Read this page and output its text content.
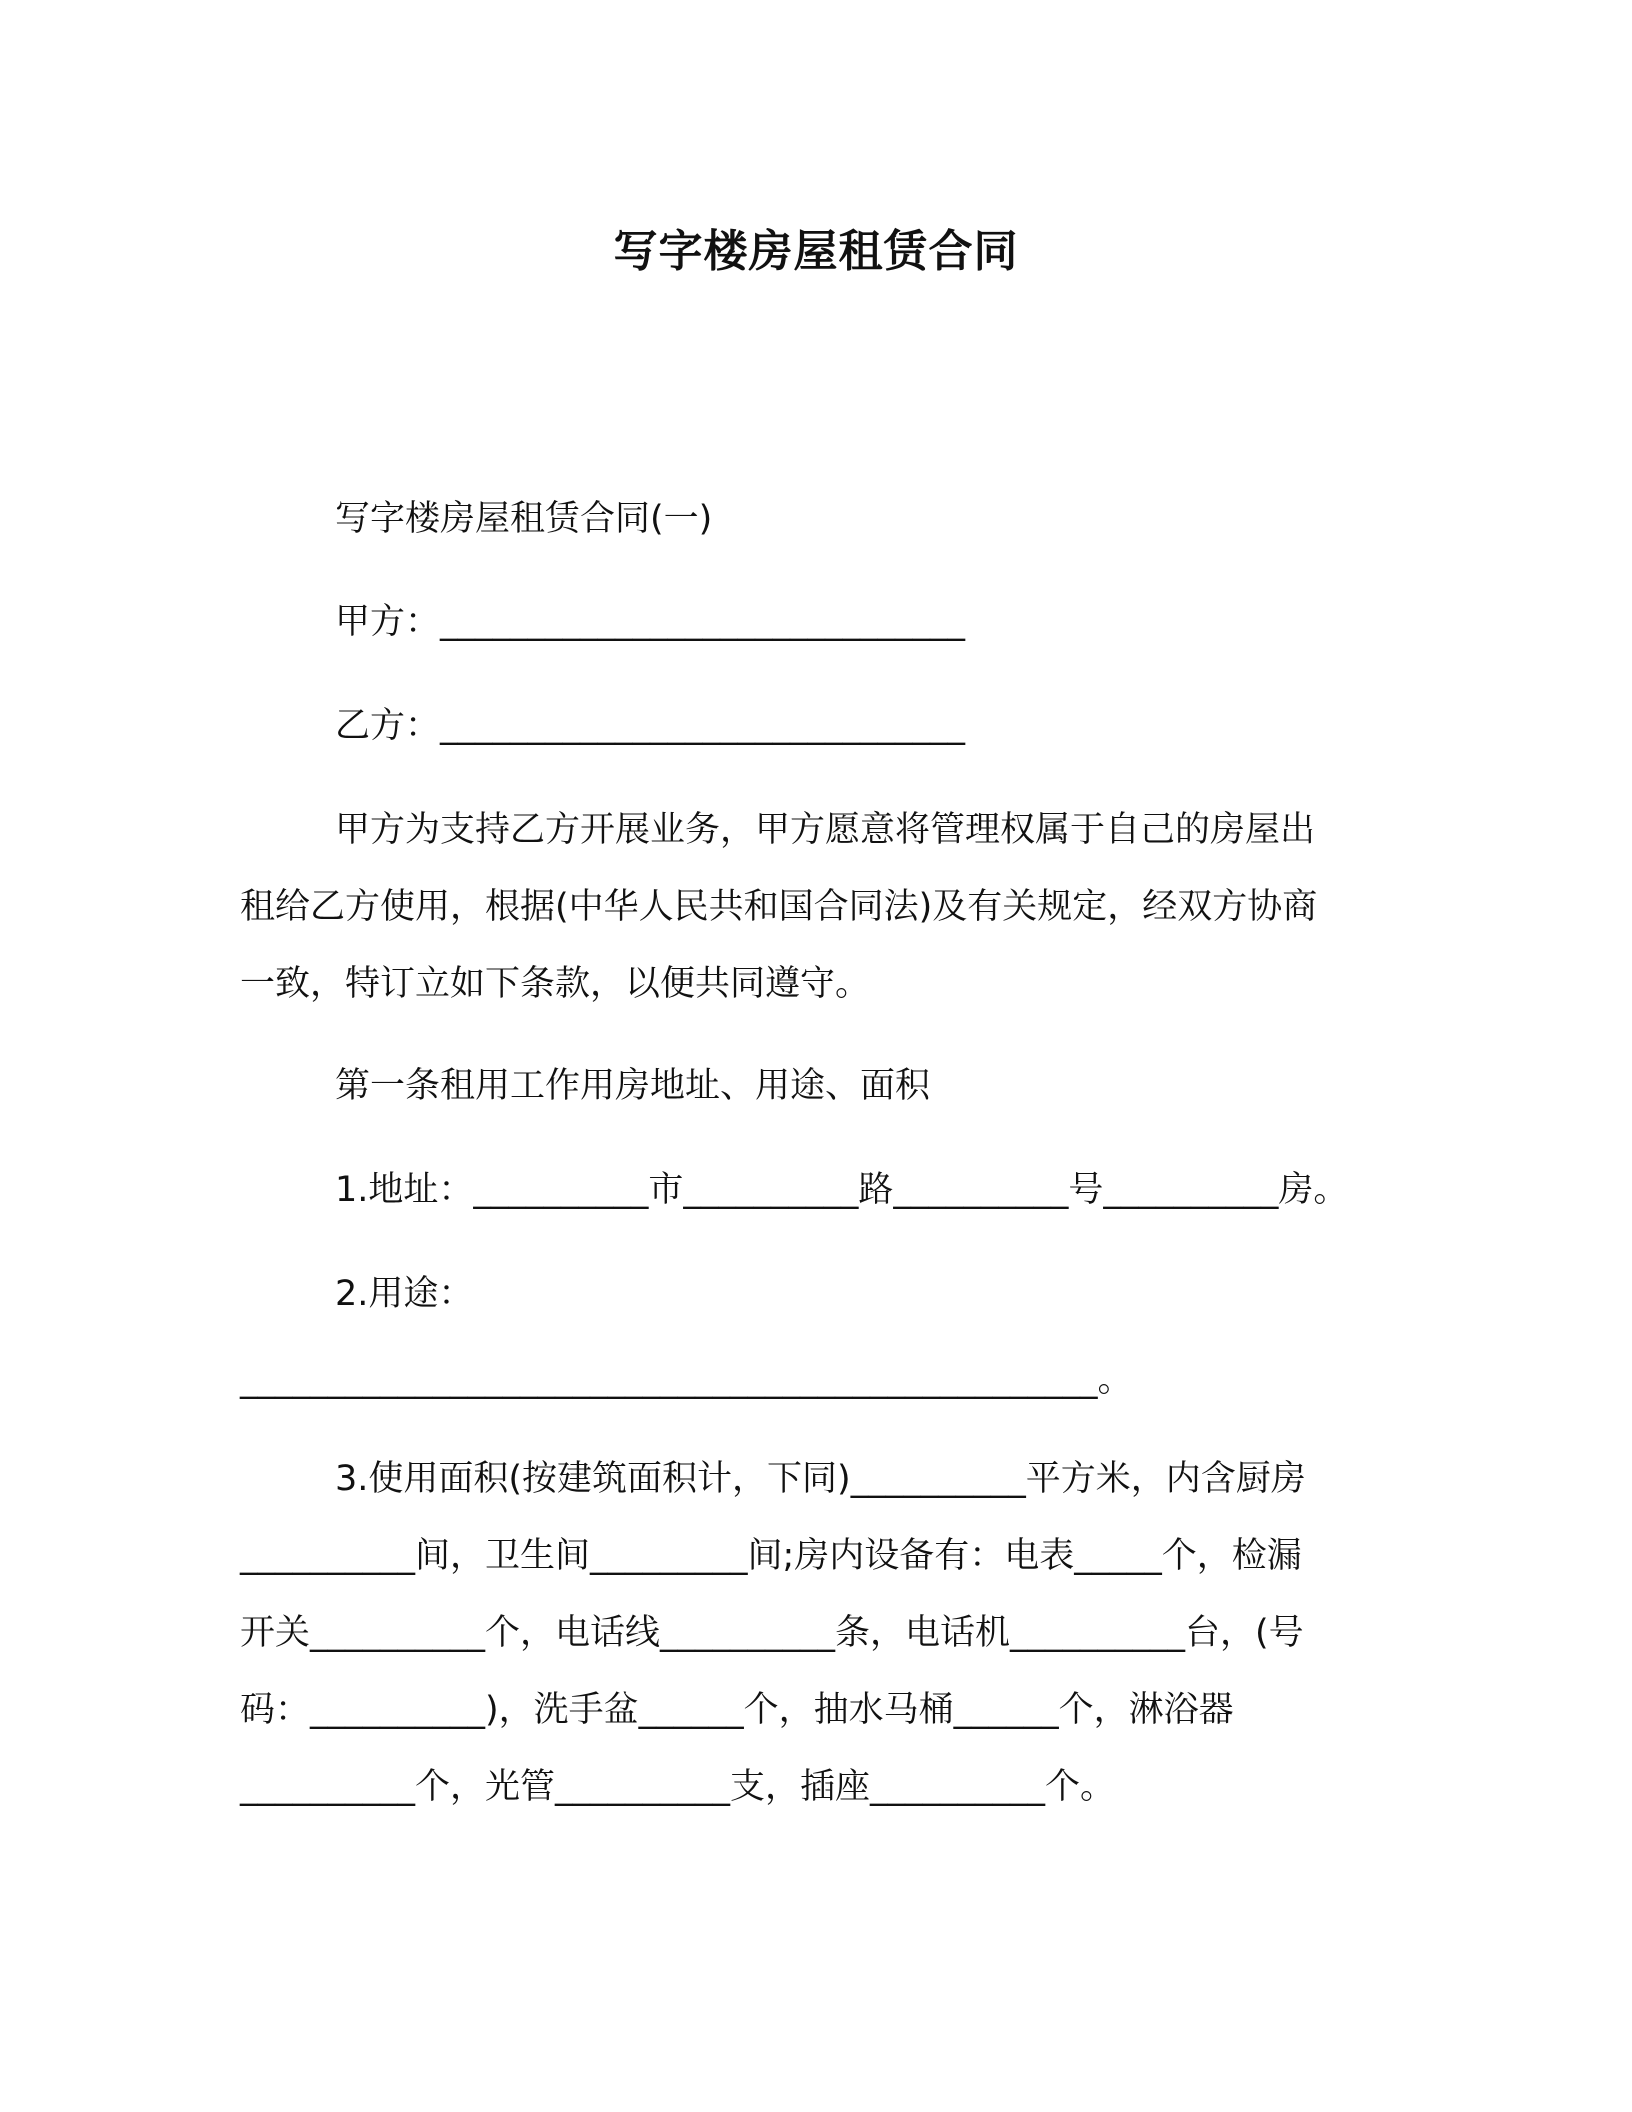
写字楼房屋租赁合同
写字楼房屋租赁合同(一)
甲方：______________________________
乙方：______________________________
甲方为支持乙方开展业务，甲方愿意将管理权属于自己的房屋出
租给乙方使用，根据(中华人民共和国合同法)及有关规定，经双方协商
一致，特订立如下条款，以便共同遵守。
第一条租用工作用房地址、用途、面积
1.地址：__________市__________路__________号__________房。
2.用途：
_________________________________________________。
3.使用面积(按建筑面积计，下同)__________平方米，内含厨房
__________间，卫生间_________间;房内设备有：电表_____个，检漏
开关__________个，电话线__________条，电话机__________台，(号
码：__________)，洗手盆______个，抽水马桶______个，淋浴器
__________个，光管__________支，插座__________个。
